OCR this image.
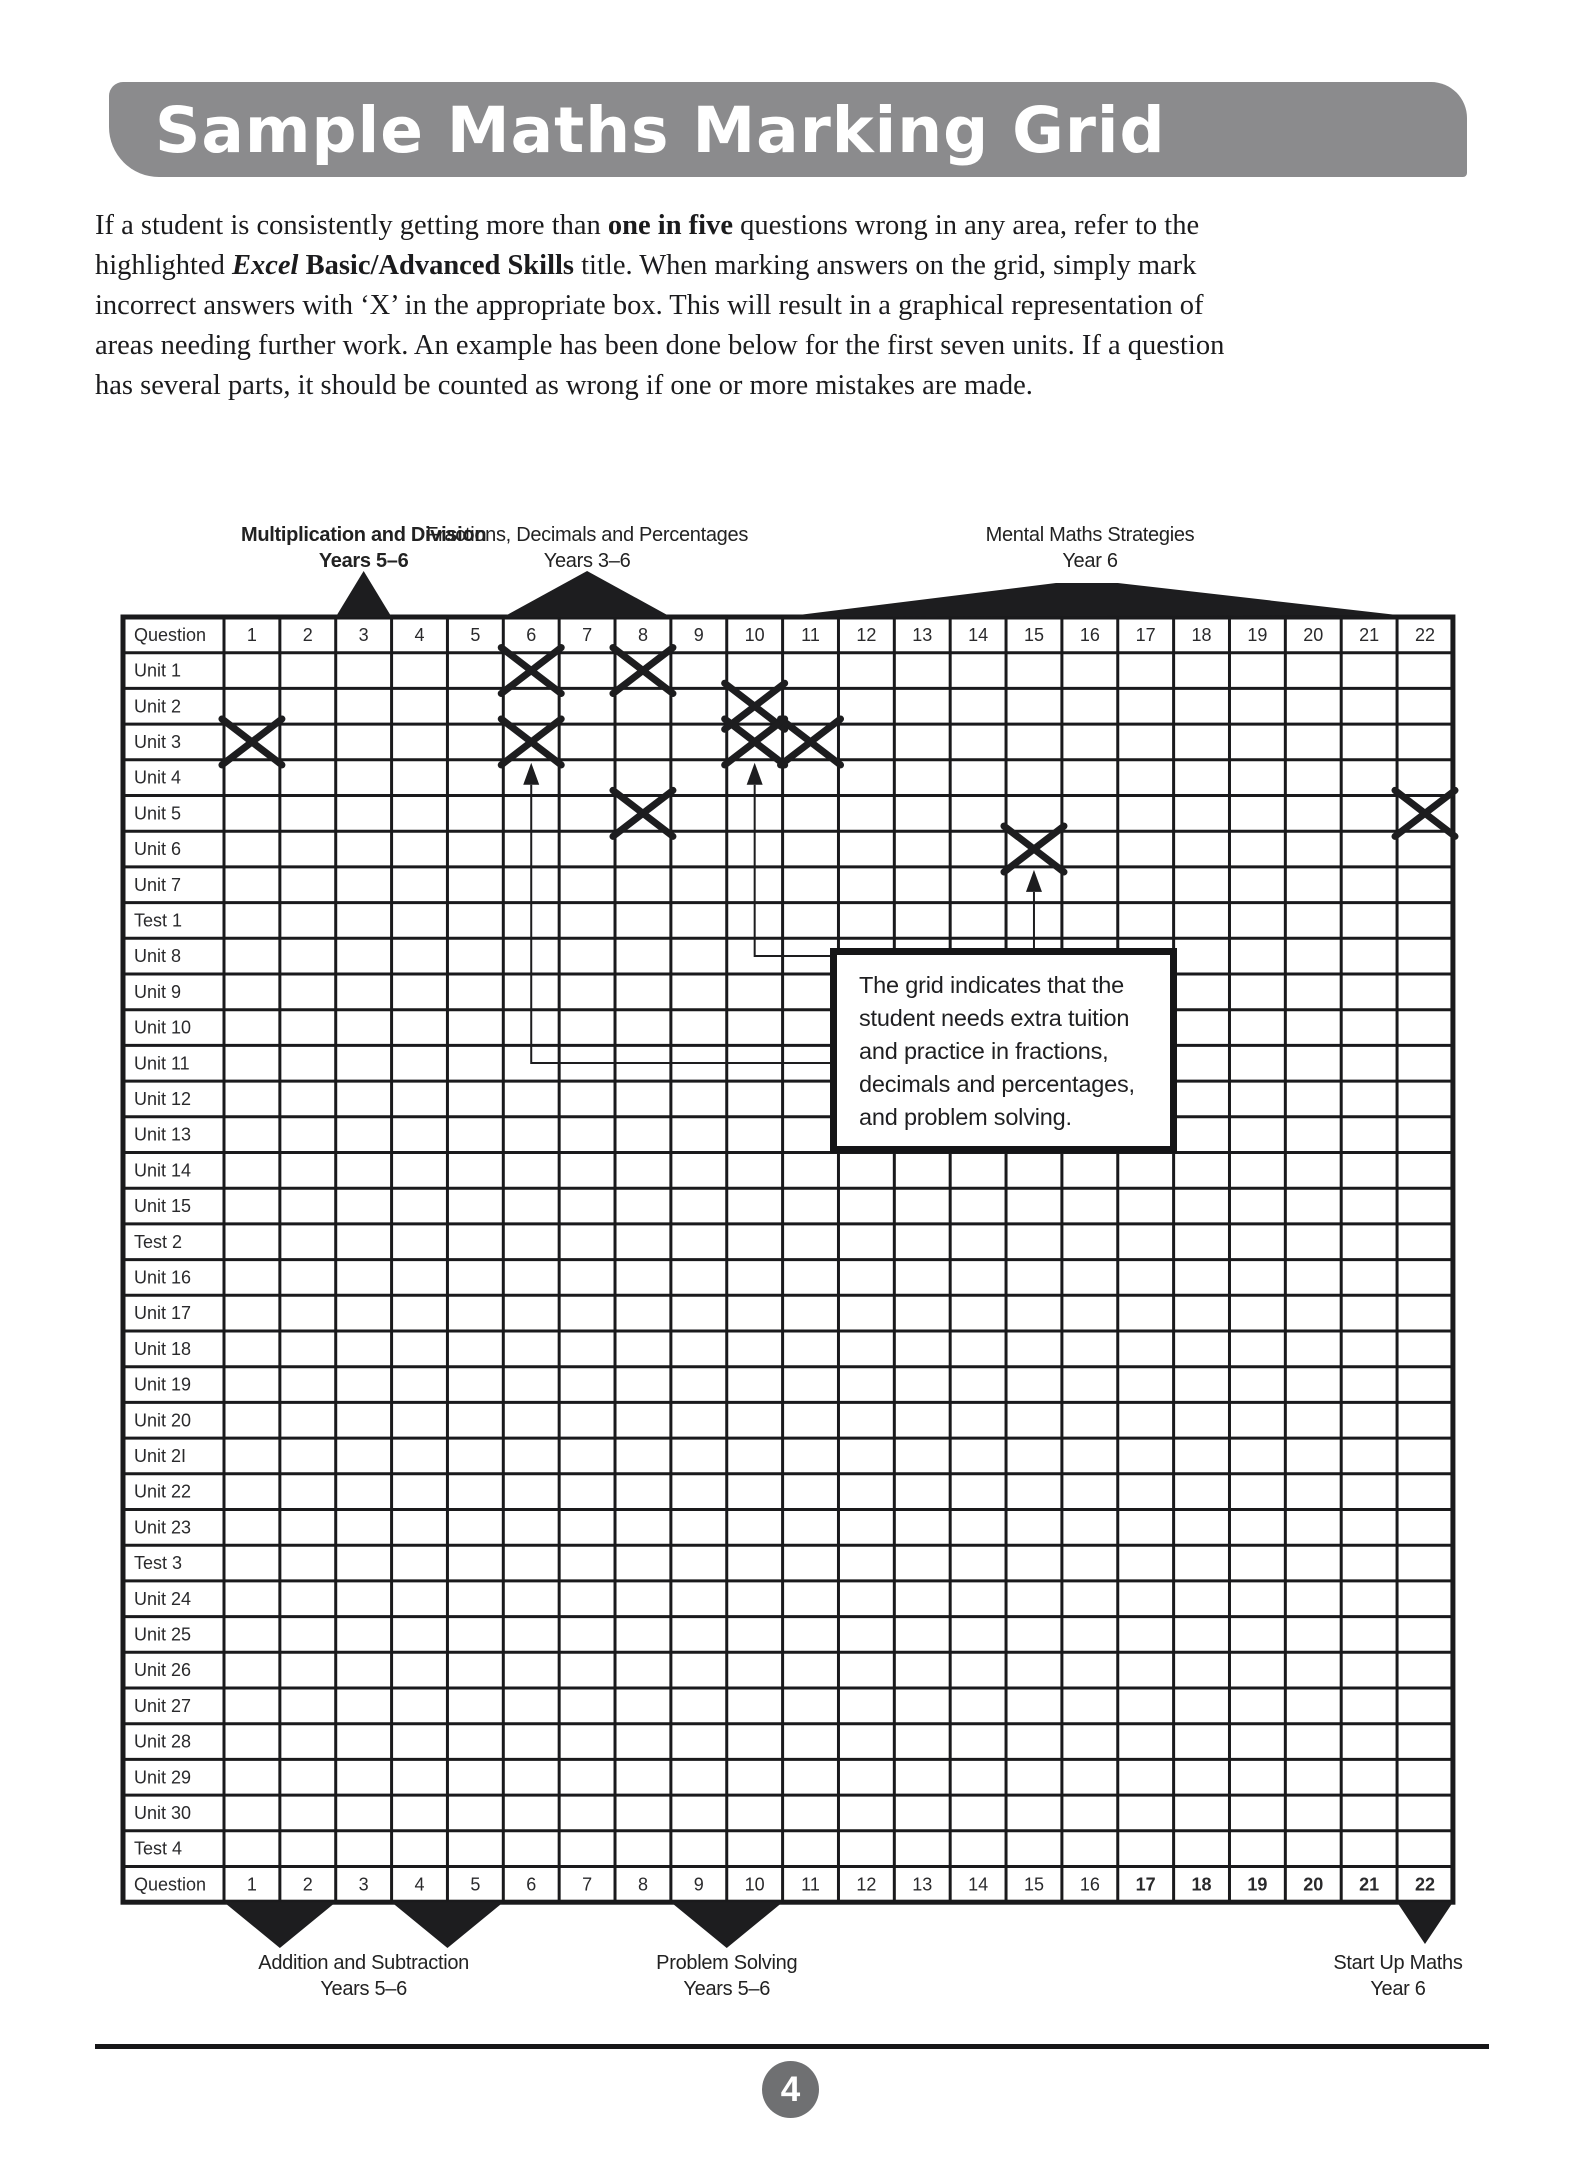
Sample Maths Marking Grid
If a student is consistently getting more than one in five questions wrong in any area, refer to the
highlighted Excel Basic/Advanced Skills title. When marking answers on the grid, simply mark
incorrect answers with ‘X’ in the appropriate box. This will result in a graphical representation of
areas needing further work. An example has been done below for the first seven units. If a question
has several parts, it should be counted as wrong if one or more mistakes are made.
Question
Question
1
1
2
2
3
3
4
4
5
5
6
6
7
7
8
8
9
9
10
10
11
11
12
12
13
13
14
14
15
15
16
16
17
17
18
18
19
19
20
20
21
21
22
22
Unit 1
Unit 2
Unit 3
Unit 4
Unit 5
Unit 6
Unit 7
Test 1
Unit 8
Unit 9
Unit 10
Unit 11
Unit 12
Unit 13
Unit 14
Unit 15
Test 2
Unit 16
Unit 17
Unit 18
Unit 19
Unit 20
Unit 2I
Unit 22
Unit 23
Test 3
Unit 24
Unit 25
Unit 26
Unit 27
Unit 28
Unit 29
Unit 30
Test 4
The grid indicates that the
student needs extra tuition
and practice in fractions,
decimals and percentages,
and problem solving.
Multiplication and Division
Years 5–6
Fractions, Decimals and Percentages
Years 3–6
Mental Maths Strategies
Year 6
Addition and Subtraction
Years 5–6
Problem Solving
Years 5–6
Start Up Maths
Year 6
4
